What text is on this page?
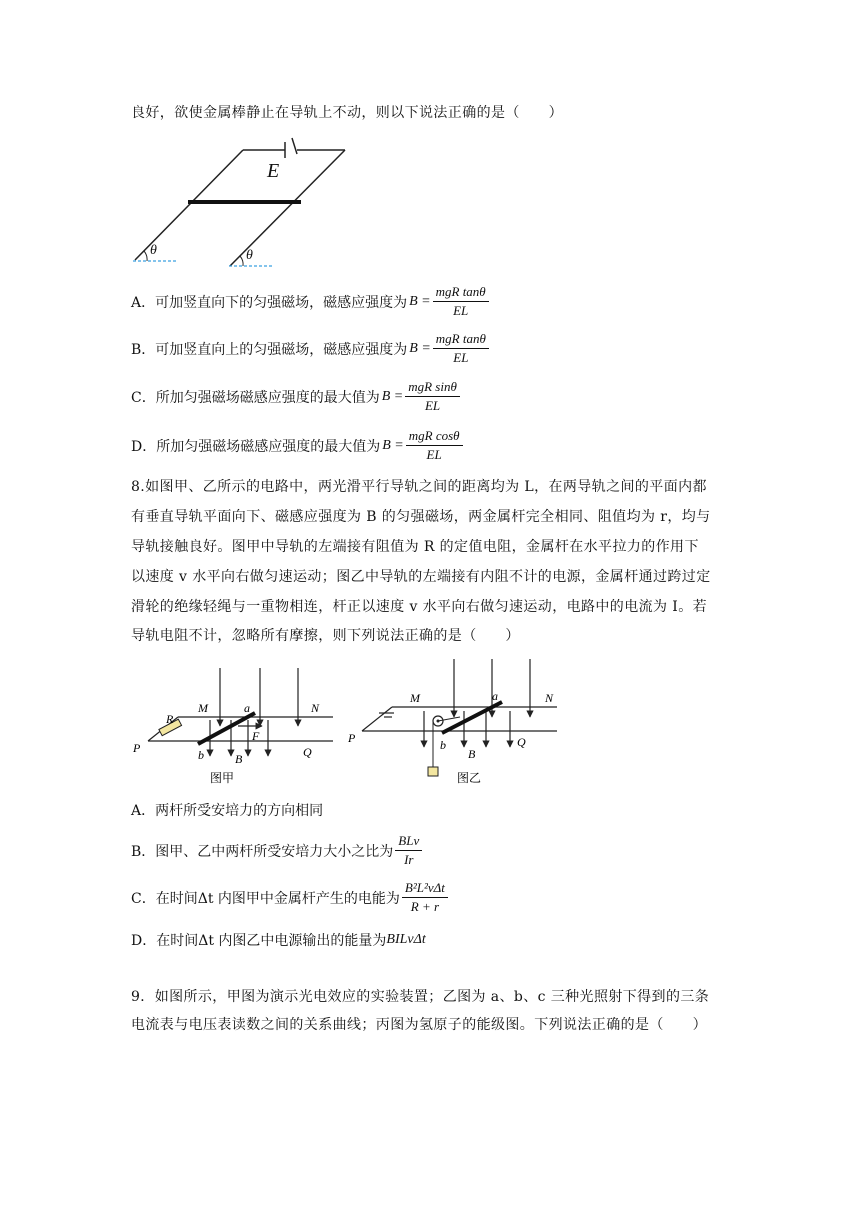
良好，欲使金属棒静止在导轨上不动，则以下说法正确的是（　　）
E
θ	θ
A．可加竖直向下的匀强磁场，磁感应强度为 $B = \frac{\text{mgR tanθ}}{EL}$
B．可加竖直向上的匀强磁场，磁感应强度为 $B = \frac{\text{mgR tanθ}}{EL}$
C．所加匀强磁场磁感应强度的最大值为 $B = \frac{\text{mgR sinθ}}{EL}$
D．所加匀强磁场磁感应强度的最大值为 $B = \frac{\text{mgR cosθ}}{EL}$
8.如图甲、乙所示的电路中，两光滑平行导轨之间的距离均为 L，在两导轨之间的平面内都
有垂直导轨平面向下、磁感应强度为 B 的匀强磁场，两金属杆完全相同、阻值均为 r，均与
导轨接触良好。图甲中导轨的左端接有阻值为 R 的定值电阻，金属杆在水平拉力的作用下
以速度 v 水平向右做匀速运动；图乙中导轨的左端接有内阻不计的电源，金属杆通过跨过定
滑轮的绝缘轻绳与一重物相连，杆正以速度 v 水平向右做匀速运动，电路中的电流为 I。若
导轨电阻不计，忽略所有摩擦，则下列说法正确的是（　　）
R
M	N
a
b
F
B
P	Q
图甲
M	N
a
b
B
P	Q
图乙
A．两杆所受安培力的方向相同
B．图甲、乙中两杆所受安培力大小之比为 $\frac{\text{BLv}}{Ir}$
C．在时间Δt 内图甲中金属杆产生的电能为 $\frac{\text{B²L²vΔt}}{R + r}$
D．在时间Δt 内图乙中电源输出的能量为 BILvΔt
9．如图所示，甲图为演示光电效应的实验装置；乙图为 a、b、c 三种光照射下得到的三条
电流表与电压表读数之间的关系曲线；丙图为氢原子的能级图。下列说法正确的是（　　）
